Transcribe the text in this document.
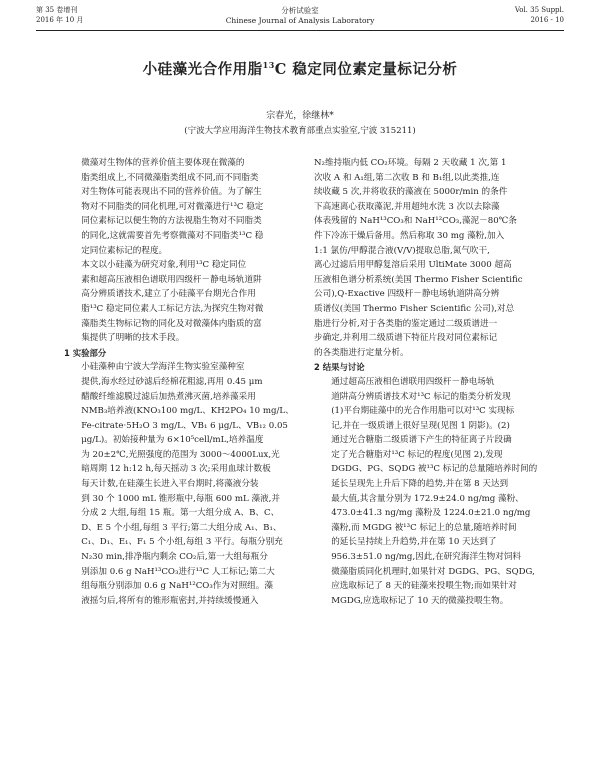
第 35 卷增刊
2016 年 10 月
分析试验室
Chinese Journal of Analysis Laboratory
Vol. 35 Suppl.
2016 - 10
小硅藻光合作用脂$^{13}$C 稳定同位素定量标记分析
宗春光，徐继林*
(宁波大学应用海洋生物技术教育部重点实验室,宁波 315211)

微藻对生物体的营养价值主要体现在微藻的
脂类组成上,不同微藻脂类组成不同,而不同脂类
对生物体可能表现出不同的营养价值。为了解生
物对不同脂类的同化机理,可对微藻进行¹³C 稳定
同位素标记以便生物的方法视脂生物对不同脂类
的同化,这就需要首先考察微藻对不同脂类¹³C 稳
定同位素标记的程度。

本文以小硅藻为研究对象,利用¹³C 稳定同位
素和超高压液相色谱联用四级杆－静电场轨道阱
高分辨质谱技术,建立了小硅藻平台期光合作用
脂¹³C 稳定同位素人工标记方法,为探究生物对微
藻脂类生物标记物的同化及对微藻体内脂质的富
集提供了明晰的技术手段。

1 实验部分

小硅藻种由宁波大学海洋生物实验室藻种室
提供,海水经过砂滤后经棉花粗滤,再用 0.45 μm
醋酸纤维滤膜过滤后加热煮沸灭菌,培养藻采用
NMB₃培养液(KNO₃100 mg/L、KH2PO₄ 10 mg/L、
Fe-citrate·5H₂O 3 mg/L、VB₁ 6 μg/L、VB₁₂ 0.05
μg/L)。初始接种量为 6×10⁵cell/mL,培养温度
为 20±2℃,光照强度的范围为 3000～4000Lux,光
暗周期 12 h:12 h,每天摇动 3 次;采用血球计数板
每天计数,在硅藻生长进入平台期时,将藻液分装
到 30 个 1000 mL 锥形瓶中,每瓶 600 mL 藻液,并
分成 2 大组,每组 15 瓶。第一大组分成 A、B、C、
D、E 5 个小组,每组 3 平行;第二大组分成 A₁、B₁、
C₁、D₁、E₁、F₁ 5 个小组,每组 3 平行。每瓶分别充
N₂30 min,排净瓶内剩余 CO₂后,第一大组每瓶分
别添加 0.6 g NaH¹³CO₃进行¹³C 人工标记;第二大
组每瓶分别添加 0.6 g NaH¹²CO₃作为对照组。藻
液摇匀后,将所有的锥形瓶密封,并持续缓慢通入

N₂维持瓶内低 CO₂环境。每隔 2 天收藏 1 次,第 1
次收 A 和 A₁组,第二次收 B 和 B₁组,以此类推,连
续收藏 5 次,并将收获的藻液在 5000r/min 的条件
下高速离心获取藻泥,并用超纯水洗 3 次以去除藻
体表残留的 NaH¹³CO₃和 NaH¹²CO₃,藻泥－80℃条
件下冷冻干燥后备用。然后称取 30 mg 藻粉,加入
1:1 氯仿/甲醇混合液(V/V)提取总脂,氮气吹干,
离心过滤后用甲醇复溶后采用 UltiMate 3000 超高
压液相色谱分析系统(美国 Thermo Fisher Scientific
公司),Q-Exactive 四级杆－静电场轨道阱高分辨
质谱仪(美国 Thermo Fisher Scientific 公司),对总
脂进行分析,对于各类脂的鉴定通过二级质谱进一
步确定,并利用二级质谱下特征片段对同位素标记
的各类脂进行定量分析。

2 结果与讨论

通过超高压液相色谱联用四级杆－静电场轨
道阱高分辨质谱技术对¹³C 标记的脂类分析发现
(1)平台期硅藻中的光合作用脂可以对¹³C 实现标
记,并在一级质谱上很好呈现(见图 1 阴影)。(2)
通过光合糖脂二级质谱下产生的特征离子片段确
定了光合糖脂对¹³C 标记的程度(见图 2),发现
DGDG、PG、SQDG 被¹³C 标记的总量随培养时间的
延长呈现先上升后下降的趋势,并在第 8 天达到
最大值,其含量分别为 172.9±24.0 ng/mg 藻粉、
473.0±41.3 ng/mg 藻粉及 1224.0±21.0 ng/mg
藻粉,而 MGDG 被¹³C 标记上的总量,随培养时间
的延长呈持续上升趋势,并在第 10 天达到了
956.3±51.0 ng/mg,因此,在研究海洋生物对饲料
微藻脂质同化机理时,如果针对 DGDG、PG、SQDG,
应选取标记了 8 天的硅藻来投喂生物;而如果针对
MGDG,应选取标记了 10 天的微藻投喂生物。
